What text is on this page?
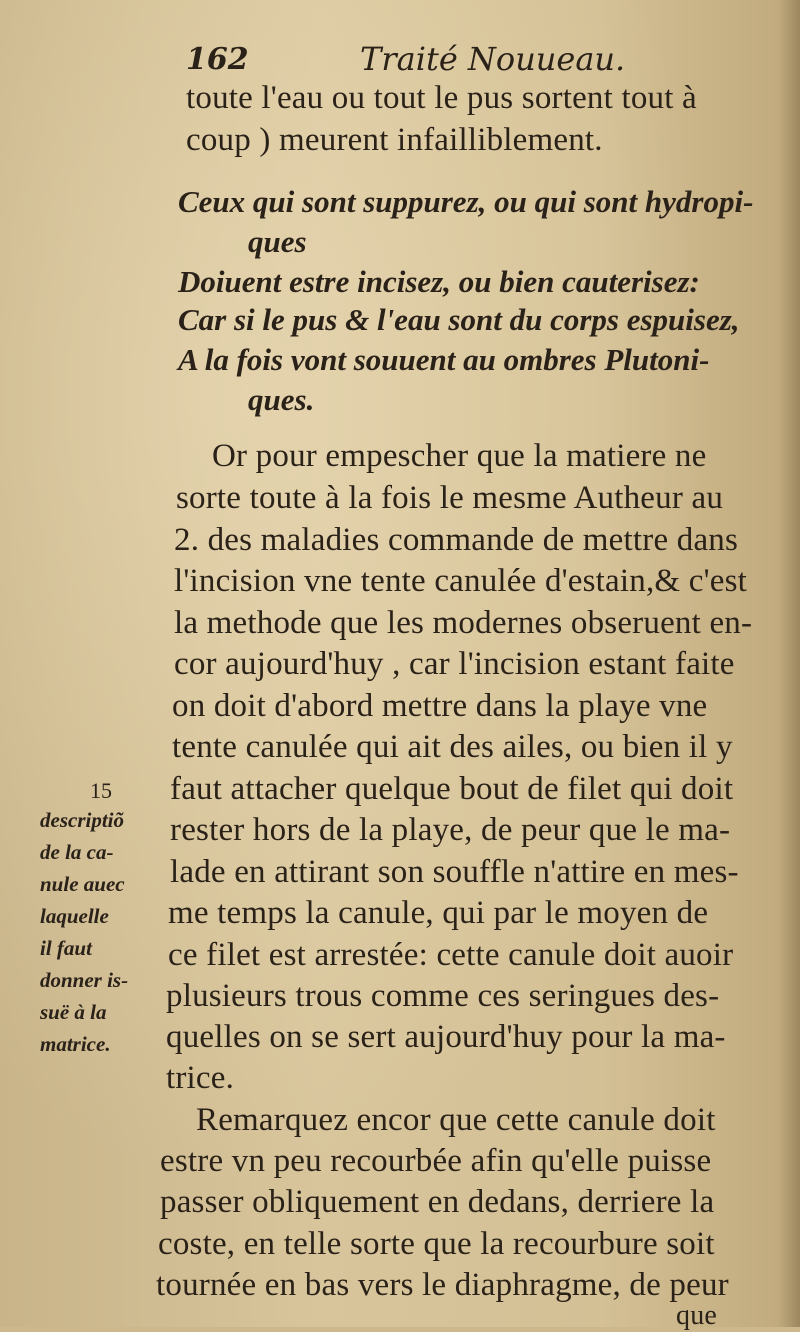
162	Traité Nouueau.
toute l'eau ou tout le pus sortent tout à
coup ) meurent infailliblement.
Ceux qui sont suppurez, ou qui sont hydropi-
ques
Doiuent estre incisez, ou bien cauterisez:
Car si le pus & l'eau sont du corps espuisez,
A la fois vont souuent au ombres Plutoni-
ques.
Or pour empescher que la matiere ne
sorte toute à la fois le mesme Autheur au
2. des maladies commande de mettre dans
l'incision vne tente canulée d'estain,& c'est
la methode que les modernes obseruent en-
cor aujourd'huy , car l'incision estant faite
on doit d'abord mettre dans la playe vne
tente canulée qui ait des ailes, ou bien il y
faut attacher quelque bout de filet qui doit
rester hors de la playe, de peur que le ma-
lade en attirant son souffle n'attire en mes-
me temps la canule, qui par le moyen de
ce filet est arrestée: cette canule doit auoir
plusieurs trous comme ces seringues des-
quelles on se sert aujourd'huy pour la ma-
trice.
Remarquez encor que cette canule doit
estre vn peu recourbée afin qu'elle puisse
passer obliquement en dedans, derriere la
coste, en telle sorte que la recourbure soit
tournée en bas vers le diaphragme, de peur
que
15
descriptiõ
de la ca-
nule auec
laquelle
il faut
donner is-
suë à la
matrice.
